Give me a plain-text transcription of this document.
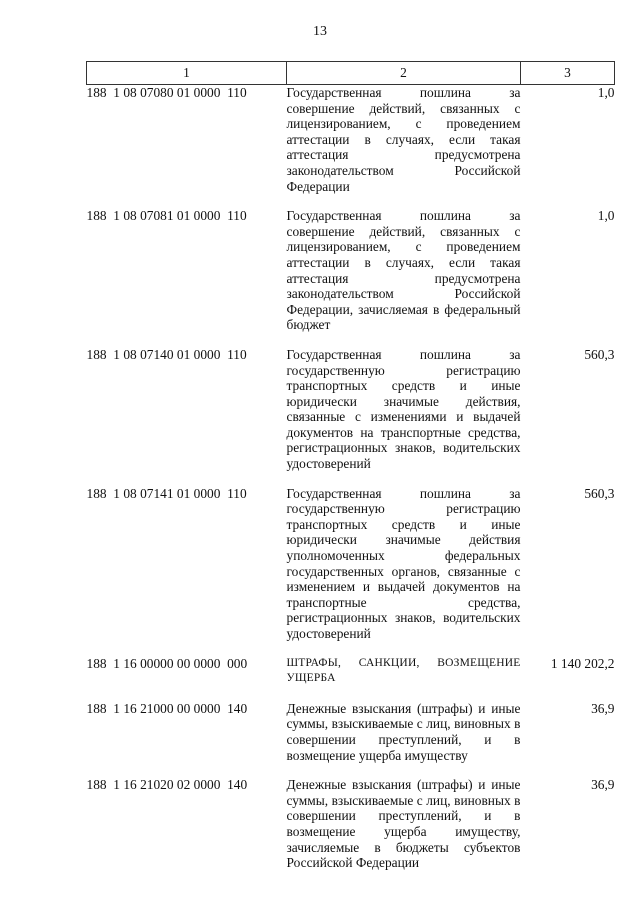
13
1	2	3
188  1 08 07080 01 0000  110	Государственная пошлина за совершение действий, связанных с лицензированием, с проведением аттестации в случаях, если такая аттестация предусмотрена законодательством Российской Федерации	1,0

188  1 08 07081 01 0000  110	Государственная пошлина за совершение действий, связанных с лицензированием, с проведением аттестации в случаях, если такая аттестация предусмотрена законодательством Российской Федерации, зачисляемая в федеральный бюджет	1,0

188  1 08 07140 01 0000  110	Государственная пошлина за государственную регистрацию транспортных средств и иные юридически значимые действия, связанные с изменениями и выдачей документов на транспортные средства, регистрационных знаков, водительских удостоверений	560,3

188  1 08 07141 01 0000  110	Государственная пошлина за государственную регистрацию транспортных средств и иные юридически значимые действия уполномоченных федеральных государственных органов, связанные с изменением и выдачей документов на транспортные средства, регистрационных знаков, водительских удостоверений	560,3

188  1 16 00000 00 0000  000	ШТРАФЫ, САНКЦИИ, ВОЗМЕЩЕНИЕ УЩЕРБА	1 140 202,2

188  1 16 21000 00 0000  140	Денежные взыскания (штрафы) и иные суммы, взыскиваемые с лиц, виновных в совершении преступлений, и в возмещение ущерба имуществу	36,9

188  1 16 21020 02 0000  140	Денежные взыскания (штрафы) и иные суммы, взыскиваемые с лиц, виновных в совершении преступлений, и в возмещение ущерба имуществу, зачисляемые в бюджеты субъектов Российской Федерации	36,9
